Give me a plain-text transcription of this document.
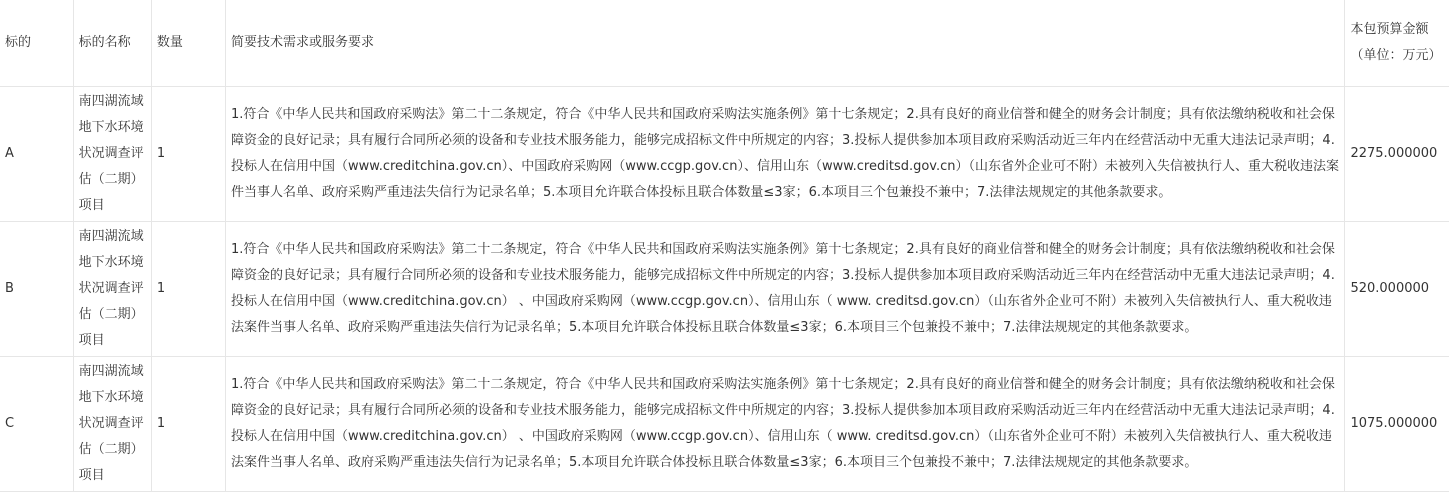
标的	标的名称	数量	简要技术需求或服务要求	本包预算金额（单位：万元）
A	南四湖流域地下水环境状况调查评估（二期）项目	1	1.符合《中华人民共和国政府采购法》第二十二条规定，符合《中华人民共和国政府采购法实施条例》第十七条规定；2.具有良好的商业信誉和健全的财务会计制度；具有依法缴纳税收和社会保障资金的良好记录；具有履行合同所必须的设备和专业技术服务能力，能够完成招标文件中所规定的内容；3.投标人提供参加本项目政府采购活动近三年内在经营活动中无重大违法记录声明；4.投标人在信用中国（www.creditchina.gov.cn）、中国政府采购网（www.ccgp.gov.cn）、信用山东（www.creditsd.gov.cn）（山东省外企业可不附）未被列入失信被执行人、重大税收违法案件当事人名单、政府采购严重违法失信行为记录名单；5.本项目允许联合体投标且联合体数量≤3家；6.本项目三个包兼投不兼中；7.法律法规规定的其他条款要求。	2275.000000
B	南四湖流域地下水环境状况调查评估（二期）项目	1	1.符合《中华人民共和国政府采购法》第二十二条规定，符合《中华人民共和国政府采购法实施条例》第十七条规定；2.具有良好的商业信誉和健全的财务会计制度；具有依法缴纳税收和社会保障资金的良好记录；具有履行合同所必须的设备和专业技术服务能力，能够完成招标文件中所规定的内容；3.投标人提供参加本项目政府采购活动近三年内在经营活动中无重大违法记录声明；4.投标人在信用中国（www.creditchina.gov.cn） 、中国政府采购网（www.ccgp.gov.cn）、信用山东（ www. creditsd.gov.cn）（山东省外企业可不附）未被列入失信被执行人、重大税收违法案件当事人名单、政府采购严重违法失信行为记录名单；5.本项目允许联合体投标且联合体数量≤3家；6.本项目三个包兼投不兼中；7.法律法规规定的其他条款要求。	520.000000
C	南四湖流域地下水环境状况调查评估（二期）项目	1	1.符合《中华人民共和国政府采购法》第二十二条规定，符合《中华人民共和国政府采购法实施条例》第十七条规定；2.具有良好的商业信誉和健全的财务会计制度；具有依法缴纳税收和社会保障资金的良好记录；具有履行合同所必须的设备和专业技术服务能力，能够完成招标文件中所规定的内容；3.投标人提供参加本项目政府采购活动近三年内在经营活动中无重大违法记录声明；4.投标人在信用中国（www.creditchina.gov.cn） 、中国政府采购网（www.ccgp.gov.cn）、信用山东（ www. creditsd.gov.cn）（山东省外企业可不附）未被列入失信被执行人、重大税收违法案件当事人名单、政府采购严重违法失信行为记录名单；5.本项目允许联合体投标且联合体数量≤3家；6.本项目三个包兼投不兼中；7.法律法规规定的其他条款要求。	1075.000000
